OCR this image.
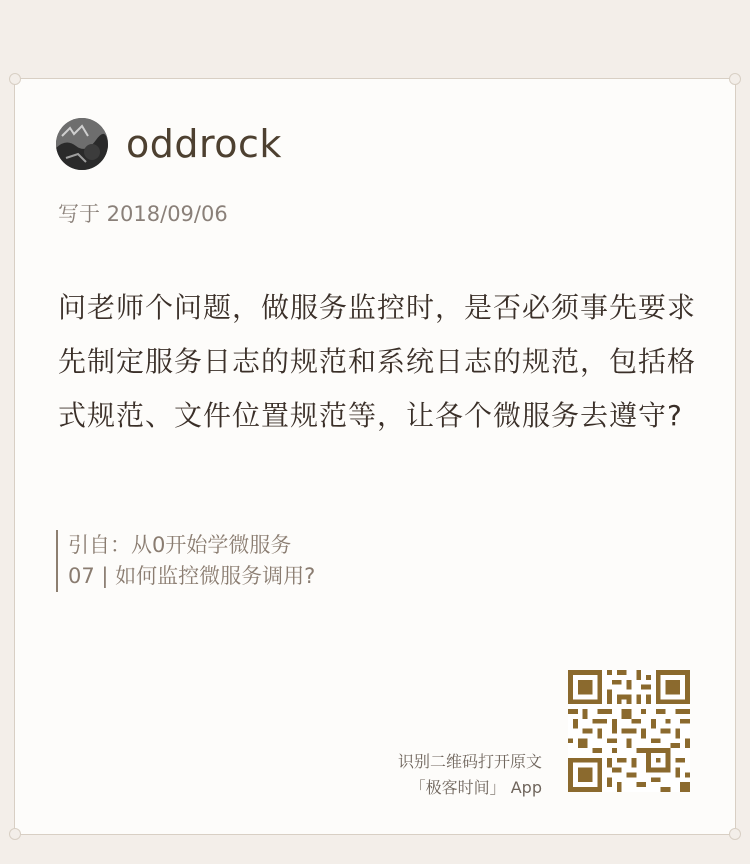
oddrock
写于 2018/09/06
问老师个问题，做服务监控时，是否必须事先要求先制定服务日志的规范和系统日志的规范，包括格式规范、文件位置规范等，让各个微服务去遵守?
引自：从0开始学微服务
07 | 如何监控微服务调用?
识别二维码打开原文
「极客时间」 App
